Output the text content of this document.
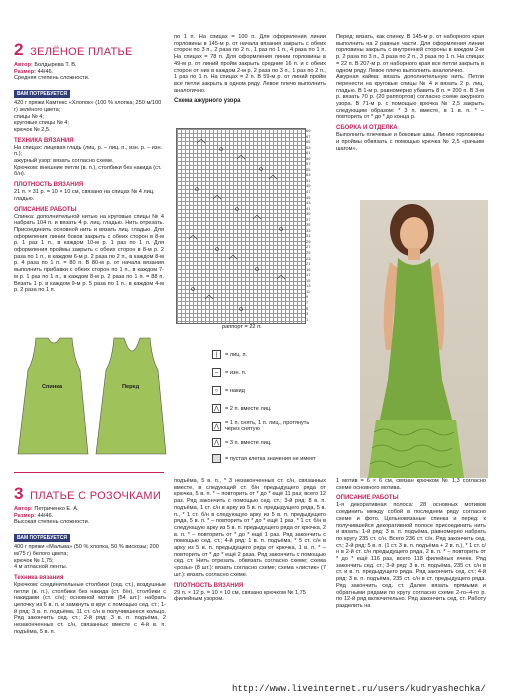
2 ЗЕЛЁНОЕ ПЛАТЬЕ

Автор: Болдырева Т. В.

Размер: 44/46.

Средняя степень сложности.

ВАМ ПОТРЕБУЕТСЯ

420 г пряжи Камтекс «Хлопок» (100 % хлопка; 250 м/100 г) зелёного цвета;

спицы № 4;

круговые спицы № 4;

крючок № 2,5.

ТЕХНИКА ВЯЗАНИЯ

На спицах: лицевая гладь (лиц. р. – лиц. п., изн. р. – изн. п.);

ажурный узор: вязать согласно схеме.

Крючком: внешние петли (в. п.), столбики без накида (ст. б/н).

ПЛОТНОСТЬ ВЯЗАНИЯ

21 п. × 31 р. = 10 × 10 см, связано на спицах № 4 лиц. гладью.

ОПИСАНИЕ РАБОТЫ

Спинка: дополнительной нитью на круговые спицы № 4 набрать 104 п. и вязать 4 р. лиц. гладью. Нить отрезать. Присоединить основной нить и вязать лиц. гладью. Для оформления линии боков закрыть с обеих сторон в 8-м р. 1 раз 1 п., в каждом 10-м р. 1 раз по 1 п. Для оформления проймы закрыть с обеих сторон в 8-м р. 2 раза по 1 п., в каждом 6-м р. 2 раза по 2 п., в каждом 8-м р. 4 раза по 1 п. = 80 п. В 80-м р. от начала вязания выполнить прибавки с обеих сторон по 1 п., в каждом 7-м р. 1 раз по 1 п., в каждом 8-м р. 2 раза по 1 п. = 88 п. Вязать 1 р. в каждом 9-м р. 5 раза по 1 п., в каждом 4-м р. 2 раза по 1 п.

Спинка	Перед

по 1 п. На спицах = 100 п. Для оформления линии горловины в 145-м р. от начала вязания закрыть с обеих сторон по 3 п., 2 раза по 2 п., 1 раз по 1 п., 4 раза по 1 п. На спицах = 78 п. Для оформления линии горловины в 49-м р. от линий пройм закрыть средние 16 п. и с обеих сторон от них в каждом 2-м р. 2 раза по 3 п., 1 раз по 2 п., 1 раз по 1 п. На спицах = 2 п. В 59-м р. от линий пройм все петли закрыть в одном ряду. Левое плечо выполнить аналогично.

Схема ажурного узора

69
67
65
63
61
59
57
55
53
51
49
47
45
43
41
39
37
35
33
31
29
27
25
23
21
19
17
15
13
11
9
7
5
3
1

раппорт = 22 п.

|	= лиц. п.
–	= изн. п.
○	= накид
⋀	= 2 п. вместе лиц.
⋀
= 1 п. снять, 1 п. лиц., протянуть через снятую
⋀	= 3 п. вместе лиц.
= пустая клетка значения не имеет

Перед: вязать, как спинку. В 145-м р. от наборного края выполнить на 2 равные части. Для оформления линии горловины закрыть с внутренней стороны в каждом 2-м р. 2 раза по 3 п., 3 раза по 2 п., 3 раза по 1 п. На спицах = 22 п. В 207-м р. от наборного края все петли закрыть в одном ряду. Левое плечо выполнить аналогично.

Ажурная кайма: вязать дополнительную нить. Петли перенести на круговые спицы № 4 и вязать 2 р. лиц. гладью. В 1-м р. равномерно убавить 8 п. = 200 п. В 3-м р. вязать 70 р. (20 раппортов) согласно схеме ажурного узора. В 71-м р. с помощью крючка № 2,5 закрыть следующим образом: * 3 п. вместе, в 1 в. п. * – повторить от * до * до конца р.

СБОРКА И ОТДЕЛКА

Выполнить плечевые и боковые швы. Линию горловины и проймы обвязать с помощью крючка № 2,5 «рачьим шагом».

3 ПЛАТЬЕ С РОЗОЧКАМИ

Автор: Петриченко Е. А.

Размер: 44/46.

Высокая степень сложности.

ВАМ ПОТРЕБУЕТСЯ

400 г пряжи «Мальва» (50 % хлопка, 50 % вискозы; 200 м/75 г) белого цвета;

крючок № 1,75;

4 м атласной ленты.

Техника вязания

Крючком: соединительные столбики (сед. ст.), воздушные петли (в. п.), столбики без накида (ст. б/н), столбики с накидами (ст. с/н); основной мотив (54 шт.): набрать цепочку из 6 в. п. и замкнуть в круг с помощью сед. ст.; 1-й ряд: 3 в. п. подъёма, 11 ст. с/н в получившееся кольцо. Ряд закончить сед. ст.; 2-й ряд: 3 в. п. подъёма, 2 незаконченных ст. с/н, связанных вместе с 4-й в. п. подъёма, 5 в. п.

подъёма, 5 в. п., * 3 незаконченных ст. с/н, связанных вместе, в следующий ст. б/н предыдущего ряда от крючка, 5 в. п. * – повторить от * до * ещё 11 раз; всего 12 раз. Ряд закончить с помощью сед. ст.; 3-й ряд: 8 в. п. подъёма, 1 ст. с/н в арку из 5 в. п. предыдущего ряда, 5 в. п., * 1 ст. б/н в следующую арку из 5 в. п. предыдущего ряда, 5 в. п. * – повторить от * до * ещё 1 раз. * 1 ст. б/н в следующую арку из 5 в. п. предыдущего ряда от крючка, 2 в. п. * – повторить от * до * ещё 1 раз. Ряд закончить с помощью сед. ст.; 4-й ряд: 1 в. п. подъёма, * 5 ст. с/н в арку из 5 в. п. предыдущего ряда от крючка, 1 в. п. * – повторить от * до * ещё 2 раза. Ряд закончить с помощью сед. ст. Нить отрезать. обвязать согласно схеме; схема «розы» (8 шт.): вязать согласно схеме; схема «листик» (7 шт.): вязать согласно схеме.

ПЛОТНОСТЬ ВЯЗАНИЯ

29 п. × 12 р. = 10 × 10 см, связано крючком № 1,75 филейным узором.

1 мотив = 6 × 6 см, связан крючком № 1,3 согласно схеме основного мотива.

ОПИСАНИЕ РАБОТЫ

1-я декоративная полоса: 28 основных мотивов соединить между собой в последнем ряду согласно схеме и фото. Цельновязаные спинка и перед: к получившейся декоративной полосе присоединить нить и вязать: 1-й ряд: 3 в. п. подъёма, равномерно набрать по кругу 235 ст. с/н. Всего 236 ст. с/н. Ряд закончить сед. ст.; 2-й ряд: 5 в. п. (1 ст. 3 в. п. подъёма + 2 в. п.), * 1 ст. с/н в 2-й ст. с/н предыдущего ряда, 2 в. п. * – повторить от * до * ещё 116 раз, всего 118 филейных ячеек. Ряд закончить сед. ст.; 3-й ряд: 3 в. п. подъёма, 235 ст. с/н в ст. и в. п. предыдущего ряда. Ряд закончить сед. ст.; 4-й ряд: 3 в. п. подъёма, 235 ст. с/н в ст. предыдущего ряда. Ряд закончить сед. ст. Далее вязать прямыми и обратными рядами по кругу согласно схеме 2-го–4-го р. по 12-й ряд включительно. Ряд закончить сед. ст. Работу разделить на

http://www.liveinternet.ru/users/kudryashechka/
